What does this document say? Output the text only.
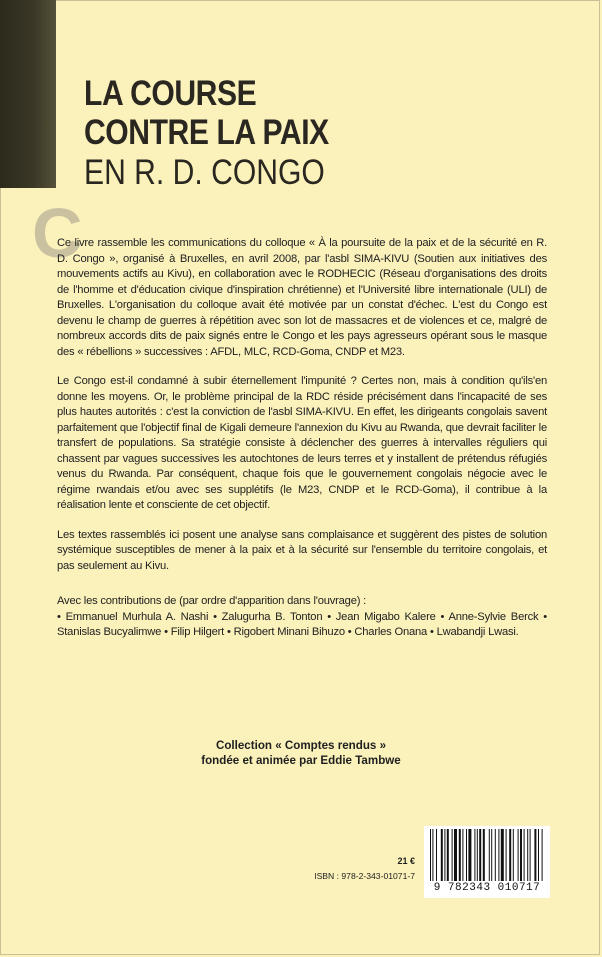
LA COURSE
CONTRE LA PAIX
EN R. D. CONGO
C

Ce livre rassemble les communications du colloque « À la poursuite de la paix et de la sécurité en R. D. Congo », organisé à Bruxelles, en avril 2008, par l'asbl SIMA-KIVU (Soutien aux initiatives des mouvements actifs au Kivu), en collaboration avec le RODHECIC (Réseau d'organisations des droits de l'homme et d'éducation civique d'inspiration chrétienne) et l'Université libre internationale (ULI) de Bruxelles. L'organisation du colloque avait été motivée par un constat d'échec. L'est du Congo est devenu le champ de guerres à répétition avec son lot de massacres et de violences et ce, malgré de nombreux accords dits de paix signés entre le Congo et les pays agresseurs opérant sous le masque des « rébellions » successives : AFDL, MLC, RCD-Goma, CNDP et M23.

Le Congo est-il condamné à subir éternellement l'impunité ? Certes non, mais à condition qu'ils'en donne les moyens. Or, le problème principal de la RDC réside précisément dans l'incapacité de ses plus hautes autorités : c'est la conviction de l'asbl SIMA-KIVU. En effet, les dirigeants congolais savent parfaitement que l'objectif final de Kigali demeure l'annexion du Kivu au Rwanda, que devrait faciliter le transfert de populations. Sa stratégie consiste à déclencher des guerres à intervalles réguliers qui chassent par vagues successives les autochtones de leurs terres et y installent de prétendus réfugiés venus du Rwanda. Par conséquent, chaque fois que le gouvernement congolais négocie avec le régime rwandais et/ou avec ses supplétifs (le M23, CNDP et le RCD-Goma), il contribue à la réalisation lente et consciente de cet objectif.

Les textes rassemblés ici posent une analyse sans complaisance et suggèrent des pistes de solution systémique susceptibles de mener à la paix et à la sécurité sur l'ensemble du territoire congolais, et pas seulement au Kivu.

Avec les contributions de (par ordre d'apparition dans l'ouvrage) :

• Emmanuel Murhula A. Nashi • Zalugurha B. Tonton • Jean Migabo Kalere • Anne-Sylvie Berck • Stanislas Bucyalimwe • Filip Hilgert • Rigobert Minani Bihuzo • Charles Onana • Lwabandji Lwasi.

Collection « Comptes rendus »
fondée et animée par Eddie Tambwe
21 €
ISBN : 978-2-343-01071-7
9 782343 010717
